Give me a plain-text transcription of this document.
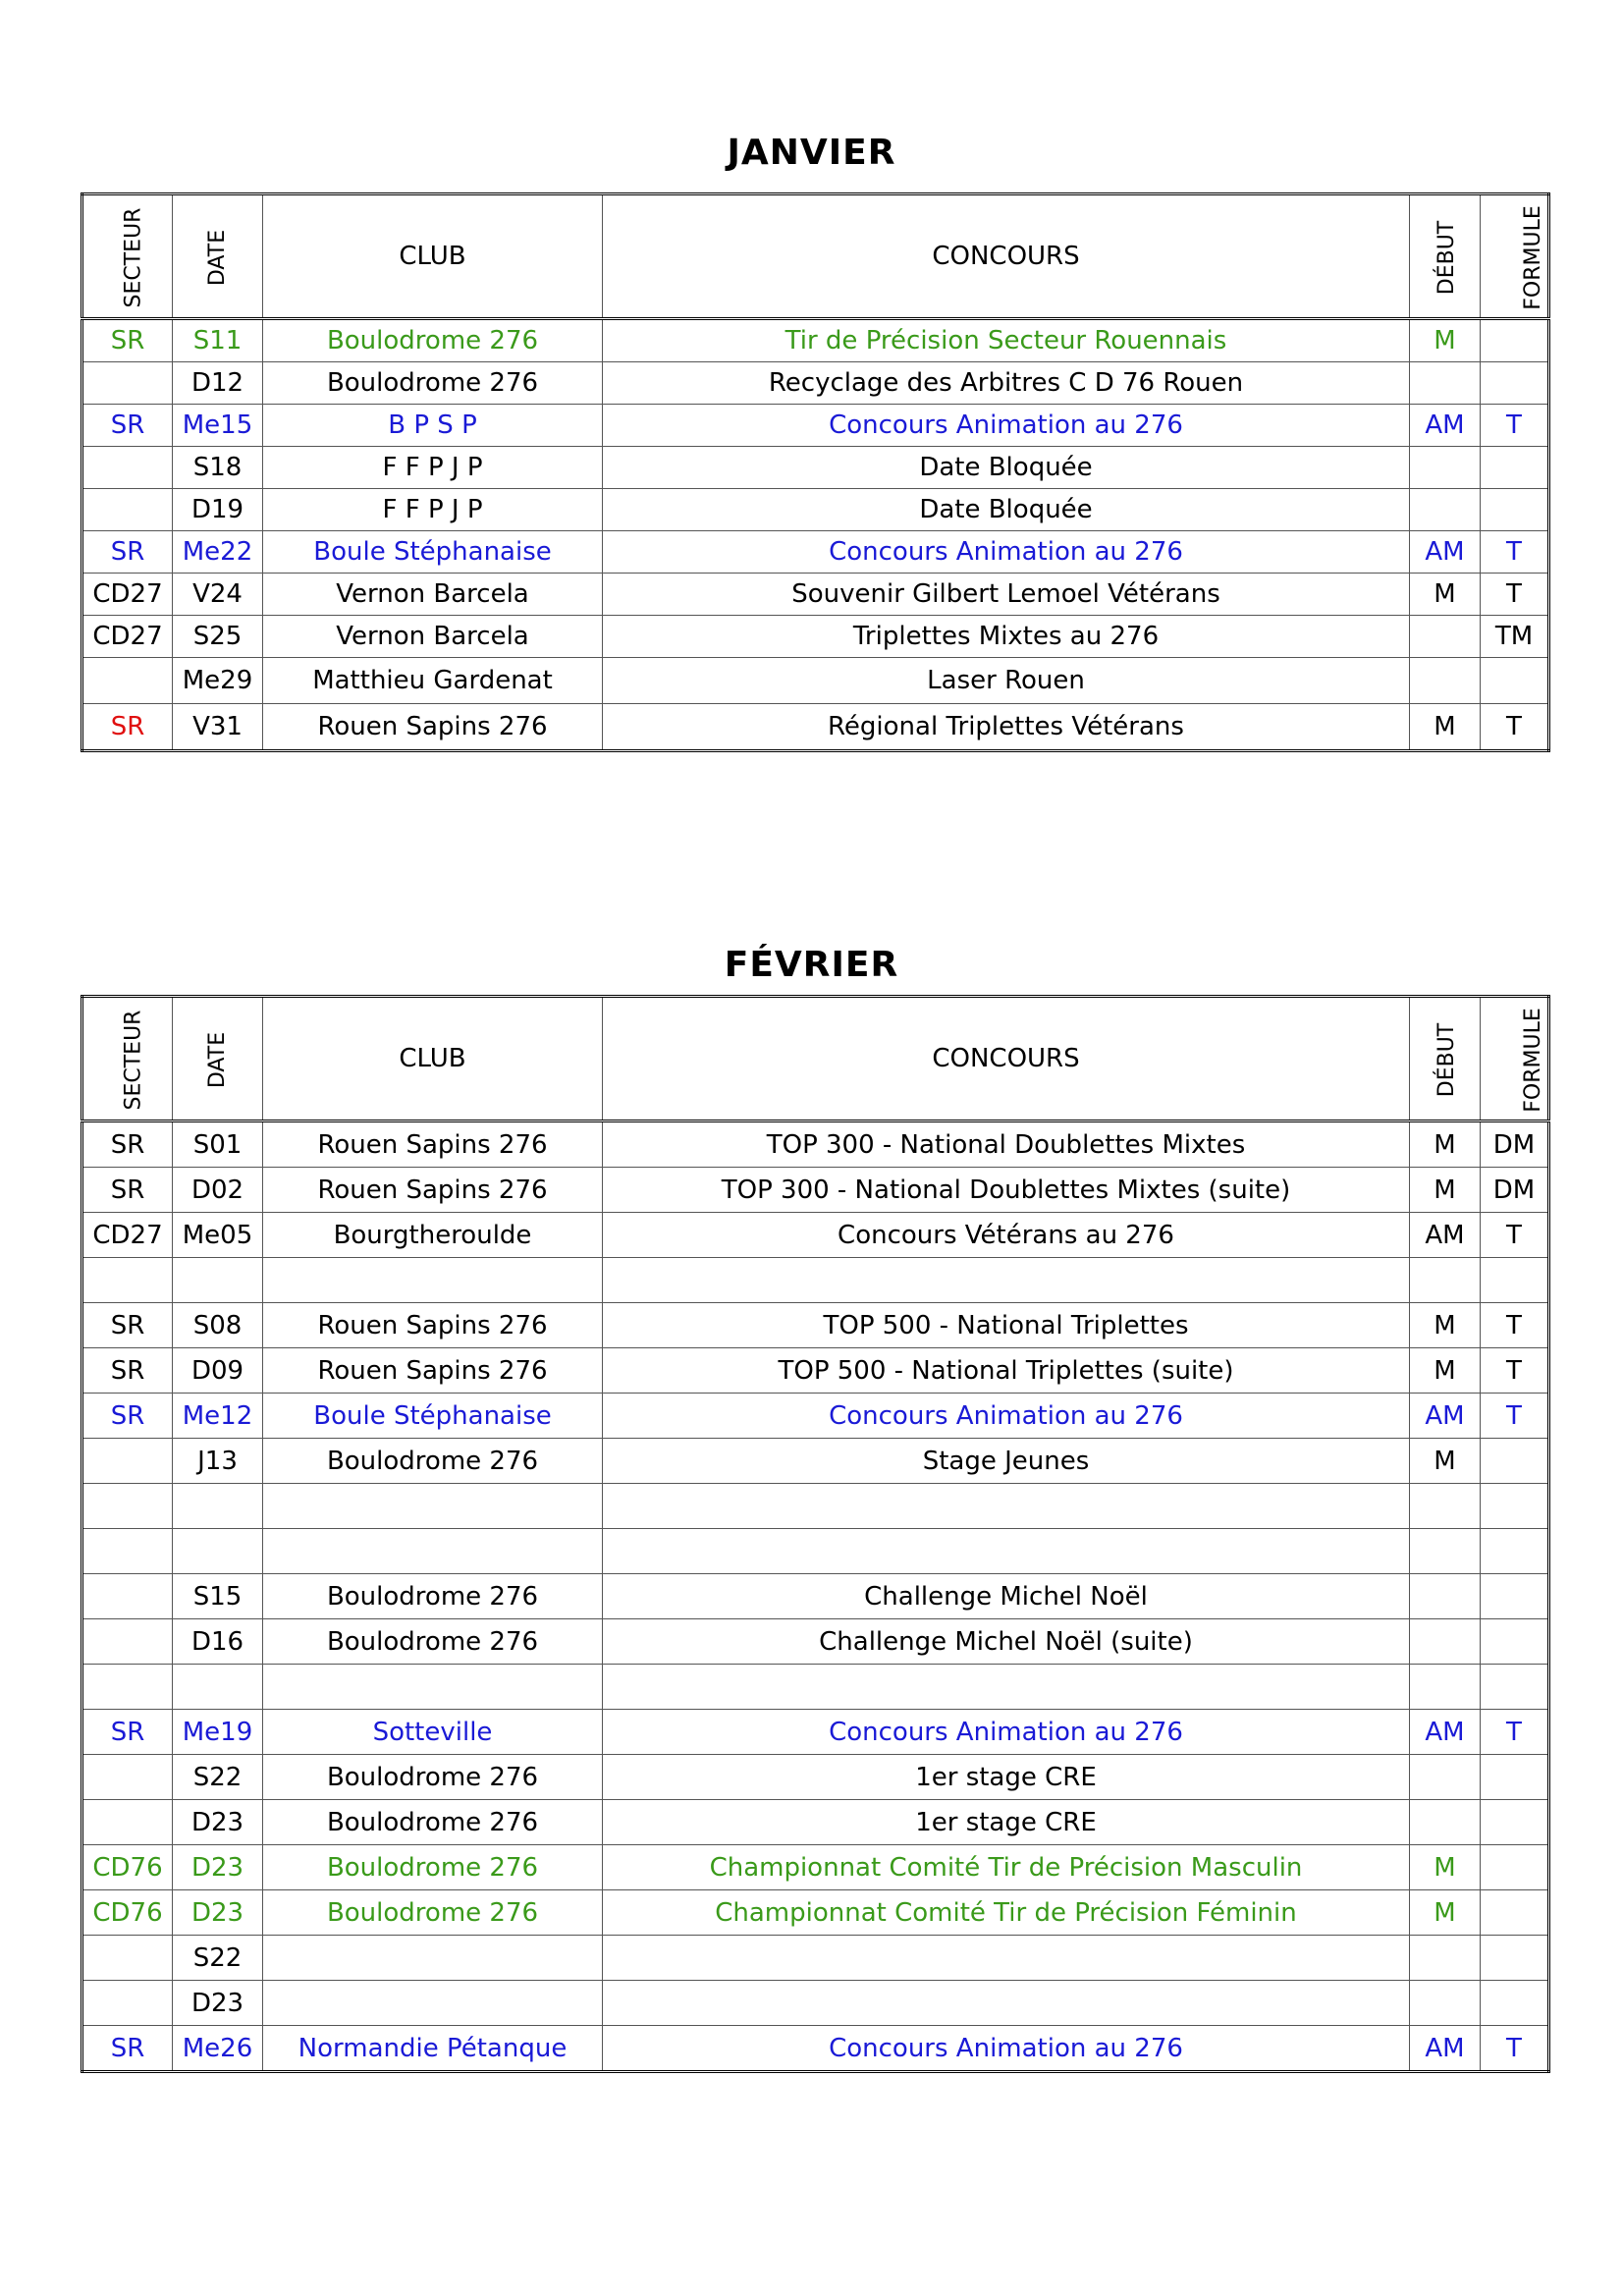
JANVIER
SECTEUR	DATE	CLUB	CONCOURS	DÉBUT	FORMULE
SR	S11	Boulodrome 276	Tir de Précision Secteur Rouennais	M	
	D12	Boulodrome 276	Recyclage des Arbitres C D 76 Rouen		
SR	Me15	B P S P	Concours Animation au 276	AM	T
	S18	F F P J P	Date Bloquée		
	D19	F F P J P	Date Bloquée		
SR	Me22	Boule Stéphanaise	Concours Animation au 276	AM	T
CD27	V24	Vernon Barcela	Souvenir Gilbert Lemoel Vétérans	M	T
CD27	S25	Vernon Barcela	Triplettes Mixtes au 276		TM
	Me29	Matthieu Gardenat	Laser Rouen		
SR	V31	Rouen Sapins 276	Régional Triplettes Vétérans	M	T
FÉVRIER
SECTEUR	DATE	CLUB	CONCOURS	DÉBUT	FORMULE
SR	S01	Rouen Sapins 276	TOP 300 - National Doublettes Mixtes	M	DM
SR	D02	Rouen Sapins 276	TOP 300 - National Doublettes Mixtes (suite)	M	DM
CD27	Me05	Bourgtheroulde	Concours Vétérans au 276	AM	T

SR	S08	Rouen Sapins 276	TOP 500 - National Triplettes	M	T
SR	D09	Rouen Sapins 276	TOP 500 - National Triplettes (suite)	M	T
SR	Me12	Boule Stéphanaise	Concours Animation au 276	AM	T
	J13	Boulodrome 276	Stage Jeunes	M	

	S15	Boulodrome 276	Challenge Michel Noël		
	D16	Boulodrome 276	Challenge Michel Noël (suite)		

SR	Me19	Sotteville	Concours Animation au 276	AM	T
	S22	Boulodrome 276	1er stage CRE		
	D23	Boulodrome 276	1er stage CRE		
CD76	D23	Boulodrome 276	Championnat Comité Tir de Précision Masculin	M	
CD76	D23	Boulodrome 276	Championnat Comité Tir de Précision Féminin	M	
	S22				
	D23				
SR	Me26	Normandie Pétanque	Concours Animation au 276	AM	T
